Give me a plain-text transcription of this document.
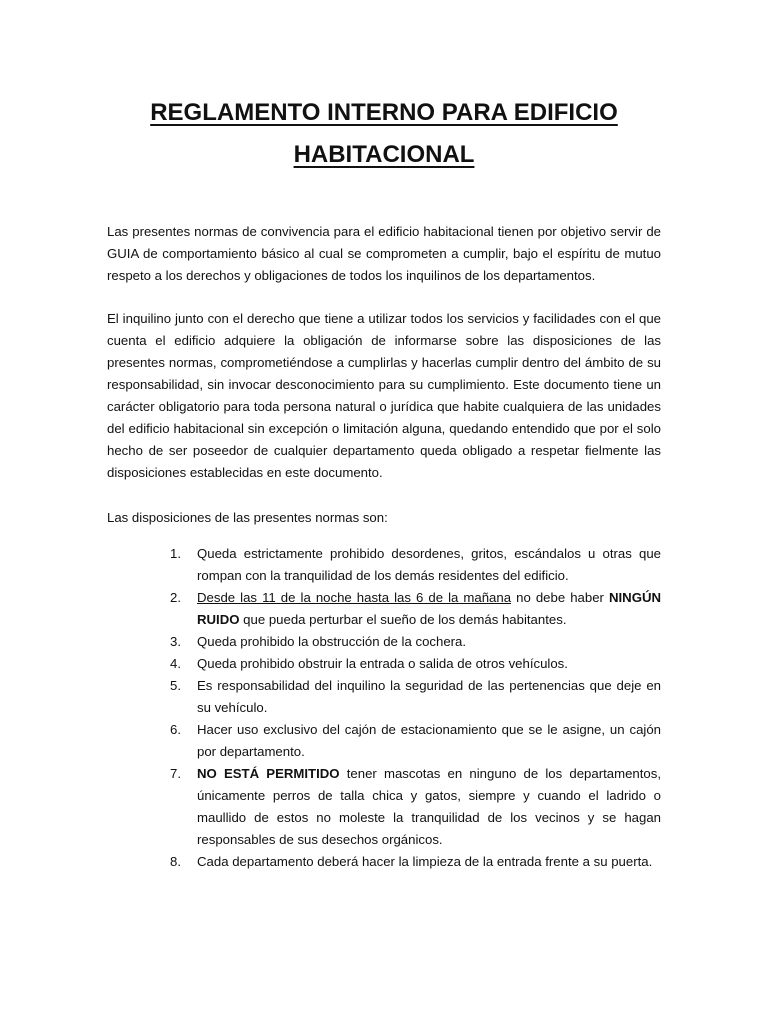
REGLAMENTO INTERNO PARA EDIFICIO
HABITACIONAL

Las presentes normas de convivencia para el edificio habitacional tienen por objetivo servir de GUIA de comportamiento básico al cual se comprometen a cumplir, bajo el espíritu de mutuo respeto a los derechos y obligaciones de todos los inquilinos de los departamentos.

El inquilino junto con el derecho que tiene a utilizar todos los servicios y facilidades con el que cuenta el edificio adquiere la obligación de informarse sobre las disposiciones de las presentes normas, comprometiéndose a cumplirlas y hacerlas cumplir dentro del ámbito de su responsabilidad, sin invocar desconocimiento para su cumplimiento. Este documento tiene un carácter obligatorio para toda persona natural o jurídica que habite cualquiera de las unidades del edificio habitacional sin excepción o limitación alguna, quedando entendido que por el solo hecho de ser poseedor de cualquier departamento queda obligado a respetar fielmente las disposiciones establecidas en este documento.

Las disposiciones de las presentes normas son:

1. Queda estrictamente prohibido desordenes, gritos, escándalos u otras que rompan con la tranquilidad de los demás residentes del edificio.
2. Desde las 11 de la noche hasta las 6 de la mañana no debe haber NINGÚN RUIDO que pueda perturbar el sueño de los demás habitantes.
3. Queda prohibido la obstrucción de la cochera.
4. Queda prohibido obstruir la entrada o salida de otros vehículos.
5. Es responsabilidad del inquilino la seguridad de las pertenencias que deje en su vehículo.
6. Hacer uso exclusivo del cajón de estacionamiento que se le asigne, un cajón por departamento.
7. NO ESTÁ PERMITIDO tener mascotas en ninguno de los departamentos, únicamente perros de talla chica y gatos, siempre y cuando el ladrido o maullido de estos no moleste la tranquilidad de los vecinos y se hagan responsables de sus desechos orgánicos.
8. Cada departamento deberá hacer la limpieza de la entrada frente a su puerta.
